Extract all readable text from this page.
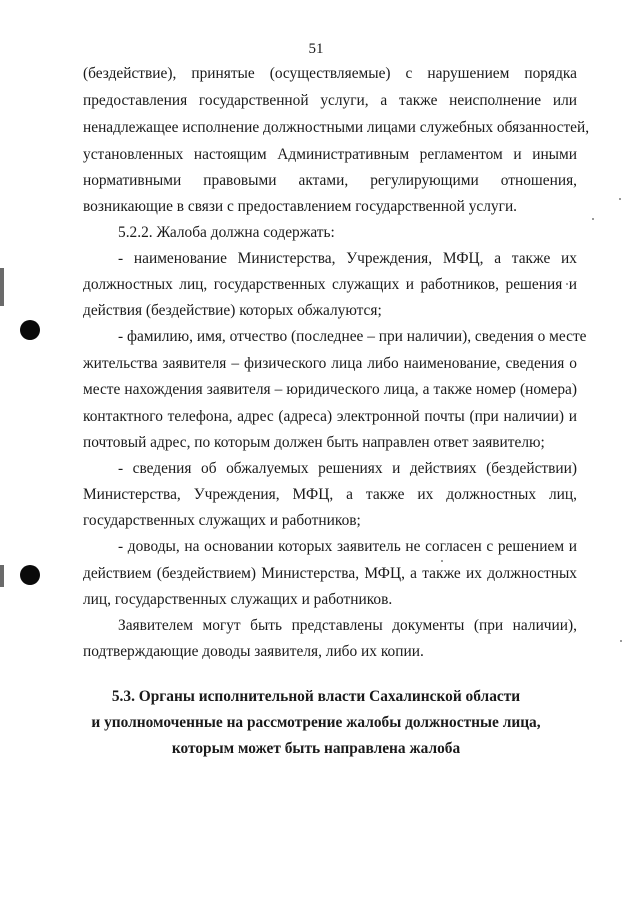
51
(бездействие), принятые (осуществляемые) с нарушением порядка
предоставления государственной услуги, а также неисполнение или
ненадлежащее исполнение должностными лицами служебных обязанностей,
установленных настоящим Административным регламентом и иными
нормативными правовыми актами, регулирующими отношения,
возникающие в связи с предоставлением государственной услуги.
5.2.2. Жалоба должна содержать:
- наименование Министерства, Учреждения, МФЦ, а также их
должностных лиц, государственных служащих и работников, решения и
действия (бездействие) которых обжалуются;
- фамилию, имя, отчество (последнее – при наличии), сведения о месте
жительства заявителя – физического лица либо наименование, сведения о
месте нахождения заявителя – юридического лица, а также номер (номера)
контактного телефона, адрес (адреса) электронной почты (при наличии) и
почтовый адрес, по которым должен быть направлен ответ заявителю;
- сведения об обжалуемых решениях и действиях (бездействии)
Министерства, Учреждения, МФЦ, а также их должностных лиц,
государственных служащих и работников;
- доводы, на основании которых заявитель не согласен с решением и
действием (бездействием) Министерства, МФЦ, а также их должностных
лиц, государственных служащих и работников.
Заявителем могут быть представлены документы (при наличии),
подтверждающие доводы заявителя, либо их копии.
5.3. Органы исполнительной власти Сахалинской области
и уполномоченные на рассмотрение жалобы должностные лица,
которым может быть направлена жалоба
